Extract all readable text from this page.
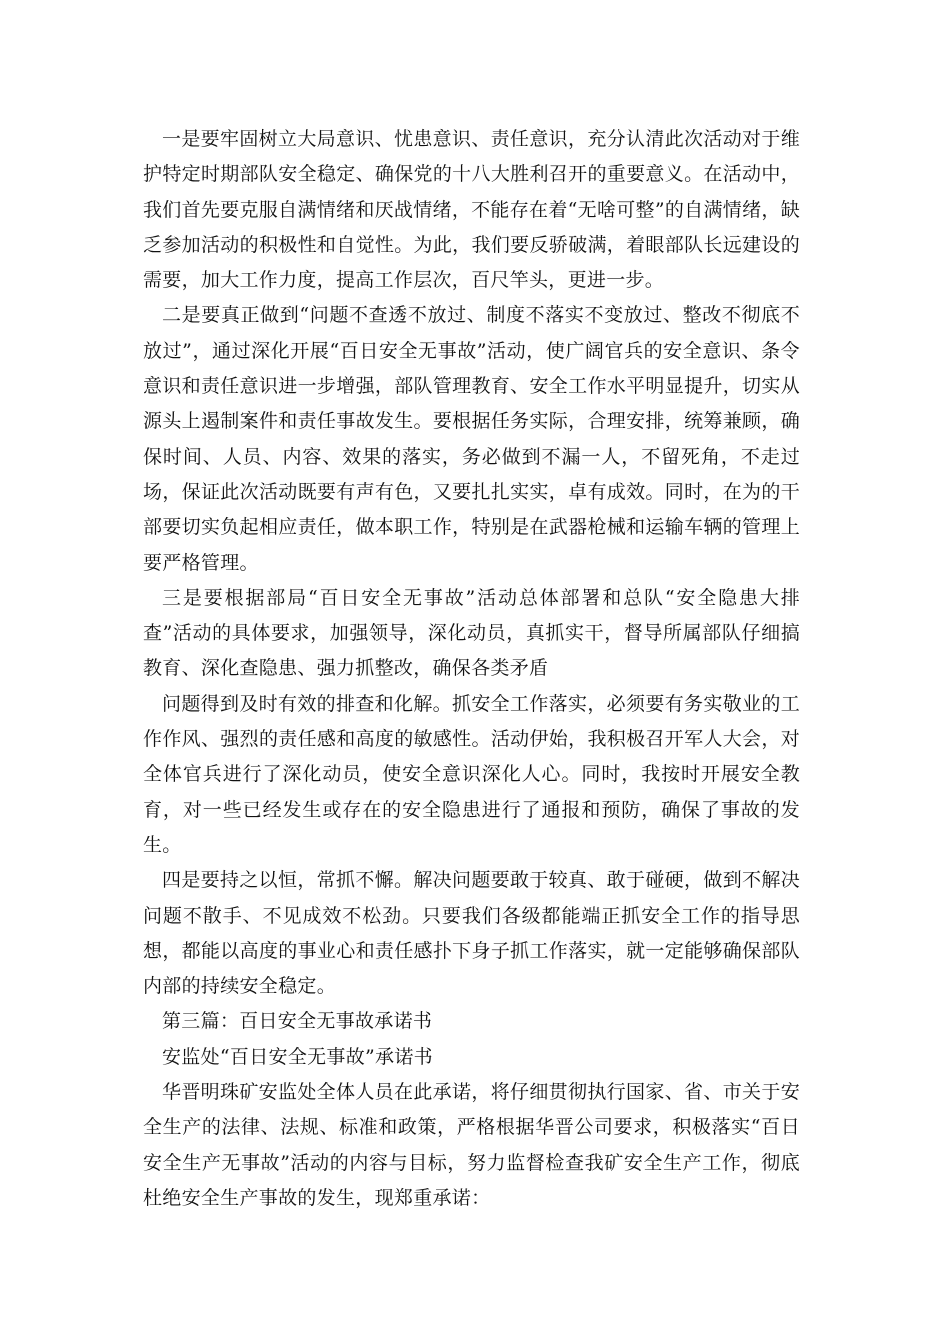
一是要牢固树立大局意识、忧患意识、责任意识，充分认清此次活动对于维护特定时期部队安全稳定、确保党的十八大胜利召开的重要意义。在活动中，我们首先要克服自满情绪和厌战情绪，不能存在着“无啥可整”的自满情绪，缺乏参加活动的积极性和自觉性。为此，我们要反骄破满，着眼部队长远建设的需要，加大工作力度，提高工作层次，百尺竿头，更进一步。

二是要真正做到“问题不查透不放过、制度不落实不变放过、整改不彻底不放过”，通过深化开展“百日安全无事故”活动，使广阔官兵的安全意识、条令意识和责任意识进一步增强，部队管理教育、安全工作水平明显提升，切实从源头上遏制案件和责任事故发生。要根据任务实际，合理安排，统筹兼顾，确保时间、人员、内容、效果的落实，务必做到不漏一人，不留死角，不走过场，保证此次活动既要有声有色，又要扎扎实实，卓有成效。同时，在为的干部要切实负起相应责任，做本职工作，特别是在武器枪械和运输车辆的管理上要严格管理。

三是要根据部局“百日安全无事故”活动总体部署和总队“安全隐患大排查”活动的具体要求，加强领导，深化动员，真抓实干，督导所属部队仔细搞教育、深化查隐患、强力抓整改，确保各类矛盾

问题得到及时有效的排查和化解。抓安全工作落实，必须要有务实敬业的工作作风、强烈的责任感和高度的敏感性。活动伊始，我积极召开军人大会，对全体官兵进行了深化动员，使安全意识深化人心。同时，我按时开展安全教育，对一些已经发生或存在的安全隐患进行了通报和预防，确保了事故的发生。

四是要持之以恒，常抓不懈。解决问题要敢于较真、敢于碰硬，做到不解决问题不散手、不见成效不松劲。只要我们各级都能端正抓安全工作的指导思想，都能以高度的事业心和责任感扑下身子抓工作落实，就一定能够确保部队内部的持续安全稳定。

第三篇：百日安全无事故承诺书

安监处“百日安全无事故”承诺书

华晋明珠矿安监处全体人员在此承诺，将仔细贯彻执行国家、省、市关于安全生产的法律、法规、标准和政策，严格根据华晋公司要求，积极落实“百日安全生产无事故”活动的内容与目标，努力监督检查我矿安全生产工作，彻底杜绝安全生产事故的发生，现郑重承诺：
